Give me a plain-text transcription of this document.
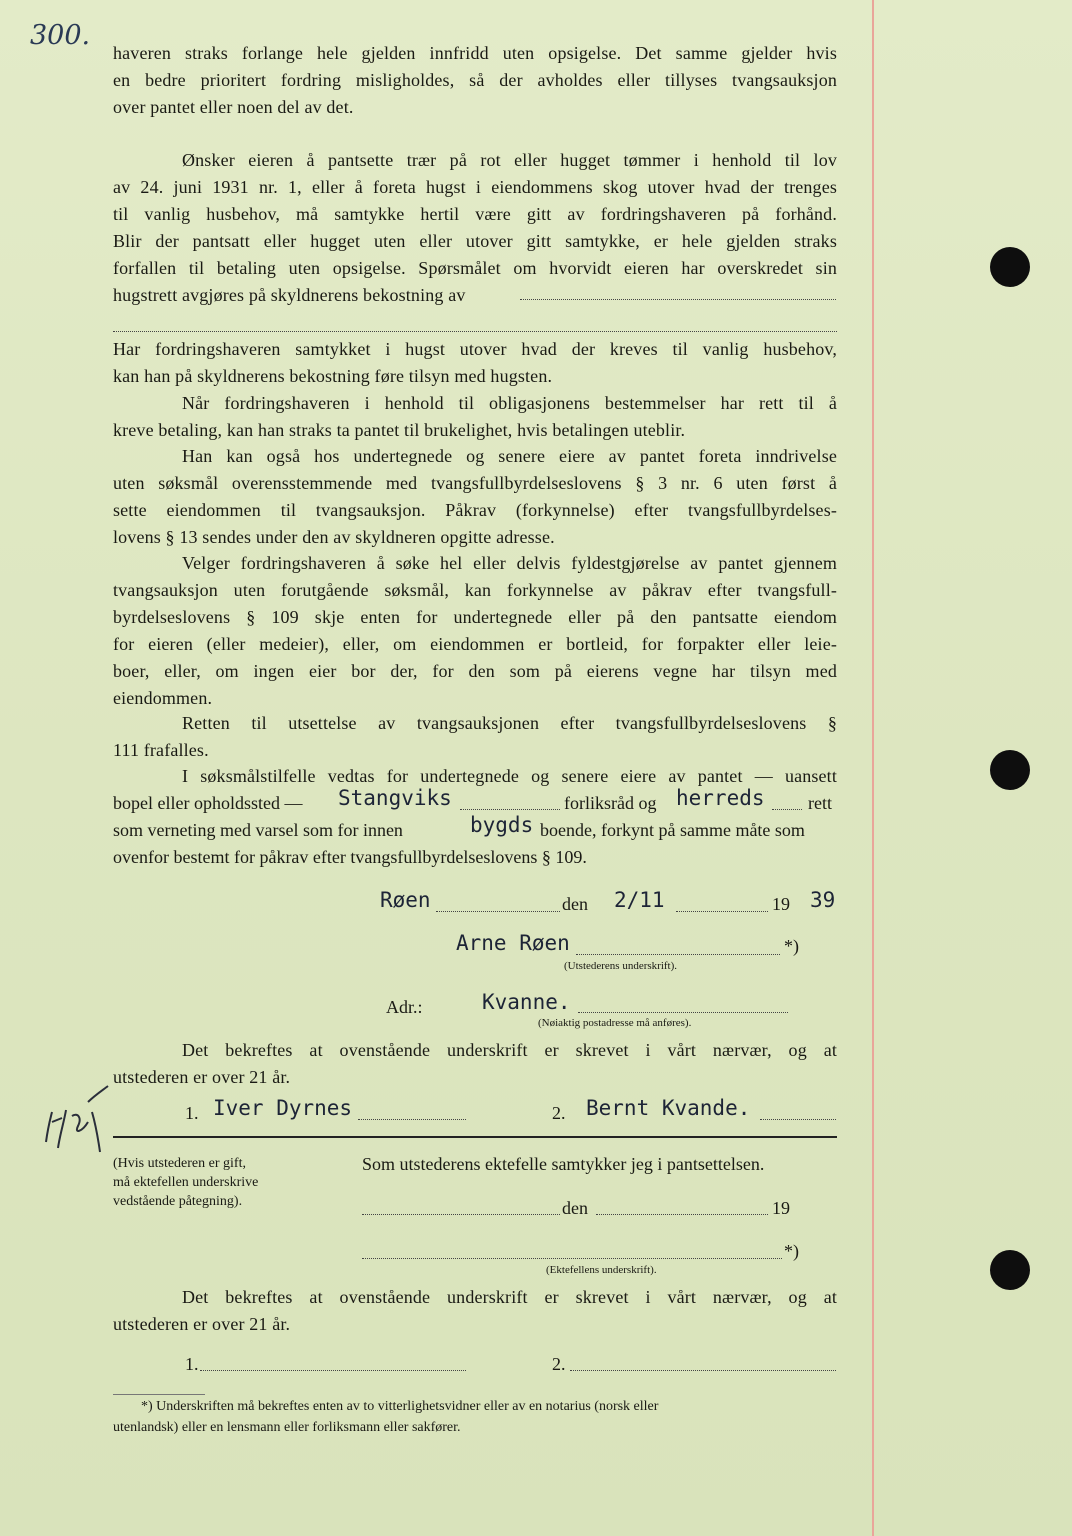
300.
haveren straks forlange hele gjelden innfridd uten opsigelse. Det samme gjelder hvis
en bedre prioritert fordring misligholdes, så der avholdes eller tillyses tvangsauksjon
over pantet eller noen del av det.
Ønsker eieren å pantsette trær på rot eller hugget tømmer i henhold til lov
av 24. juni 1931 nr. 1, eller å foreta hugst i eiendommens skog utover hvad der trenges
til vanlig husbehov, må samtykke hertil være gitt av fordringshaveren på forhånd.
Blir der pantsatt eller hugget uten eller utover gitt samtykke, er hele gjelden straks
forfallen til betaling uten opsigelse. Spørsmålet om hvorvidt eieren har overskredet sin
hugstrett avgjøres på skyldnerens bekostning av
Har fordringshaveren samtykket i hugst utover hvad der kreves til vanlig husbehov,
kan han på skyldnerens bekostning føre tilsyn med hugsten.
Når fordringshaveren i henhold til obligasjonens bestemmelser har rett til å
kreve betaling, kan han straks ta pantet til brukelighet, hvis betalingen uteblir.
Han kan også hos undertegnede og senere eiere av pantet foreta inndrivelse
uten søksmål overensstemmende med tvangsfullbyrdelseslovens § 3 nr. 6 uten først å
sette eiendommen til tvangsauksjon. Påkrav (forkynnelse) efter tvangsfullbyrdelses-
lovens § 13 sendes under den av skyldneren opgitte adresse.
Velger fordringshaveren å søke hel eller delvis fyldestgjørelse av pantet gjennem
tvangsauksjon uten forutgående søksmål, kan forkynnelse av påkrav efter tvangsfull-
byrdelseslovens § 109 skje enten for undertegnede eller på den pantsatte eiendom
for eieren (eller medeier), eller, om eiendommen er bortleid, for forpakter eller leie-
boer, eller, om ingen eier bor der, for den som på eierens vegne har tilsyn med
eiendommen.
Retten til utsettelse av tvangsauksjonen efter tvangsfullbyrdelseslovens §
111 frafalles.
I søksmålstilfelle vedtas for undertegnede og senere eiere av pantet — uansett
bopel eller opholdssted — Stangviks	forliksråd og herreds rett
som verneting med varsel som for innen	bygds boende, forkynt på samme måte som
ovenfor bestemt for påkrav efter tvangsfullbyrdelseslovens § 109.
Røen	den 2/11	19 39
Arne Røen	*)
(Utstederens underskrift).
Adr.:	Kvanne.
(Nøiaktig postadresse må anføres).
Det bekreftes at ovenstående underskrift er skrevet i vårt nærvær, og at
utstederen er over 21 år.
1. Iver Dyrnes	2. Bernt Kvande.
(Hvis utstederen er gift,
må ektefellen underskrive
vedstående påtegning).
Som utstederens ektefelle samtykker jeg i pantsettelsen.
den	19
*)
(Ektefellens underskrift).
Det bekreftes at ovenstående underskrift er skrevet i vårt nærvær, og at
utstederen er over 21 år.
1.	2.
*) Underskriften må bekreftes enten av to vitterlighetsvidner eller av en notarius (norsk eller
utenlandsk) eller en lensmann eller forliksmann eller sakfører.
